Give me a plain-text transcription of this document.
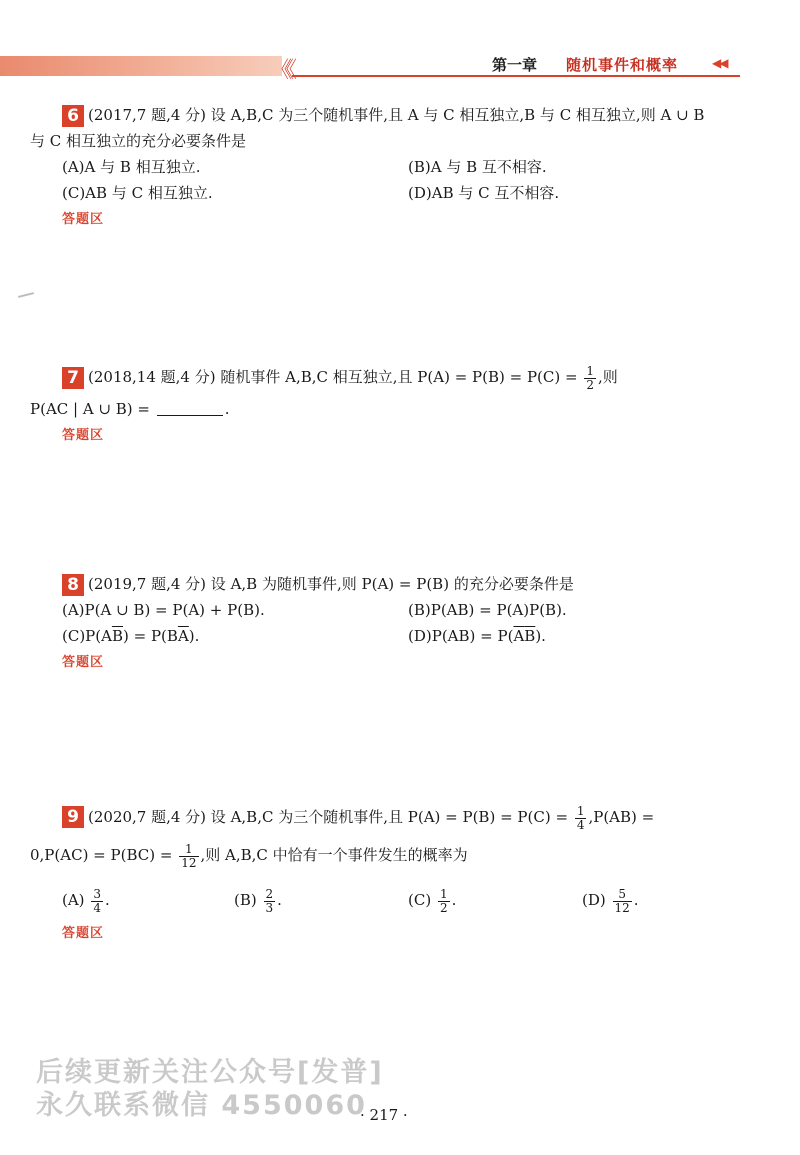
《《	第一章 随机事件和概率	◀◀
6 (2017,7 题,4 分) 设 A,B,C 为三个随机事件,且 A 与 C 相互独立,B 与 C 相互独立,则 A ∪ B
与 C 相互独立的充分必要条件是
(A)A 与 B 相互独立.	(B)A 与 B 互不相容.
(C)AB 与 C 相互独立.	(D)AB 与 C 互不相容.
答题区
7 (2018,14 题,4 分) 随机事件 A,B,C 相互独立,且 $P(A) = P(B) = P(C) = \frac{1}{2}$ ,则
P(AC | A ∪ B) =	.
答题区
8 (2019,7 题,4 分) 设 A,B 为随机事件,则 P(A) = P(B) 的充分必要条件是
(A)P(A ∪ B) = P(A) + P(B).	(B)P(AB) = P(A)P(B).
$(C)P(A\overline{B}) = P(B\overline{A})$.	$(D)P(AB) = P(\overline{A}\overline{B})$.
答题区
9 (2020,7 题,4 分) 设 A,B,C 为三个随机事件,且 $P(A) = P(B) = P(C) = \frac{1}{4} ,P(AB)$ =
$0,P(AC) = P(BC) = \frac{1}{12}$ ,则 A,B,C 中恰有一个事件发生的概率为
$(A) \frac{3}{4}$ .	$(B) \frac{2}{3}$ .	$(C) \frac{1}{2}$ .	$(D) \frac{5}{12}$ .
答题区
后续更新关注公众号[发普]
永久联系微信 4550060
· 217 ·
